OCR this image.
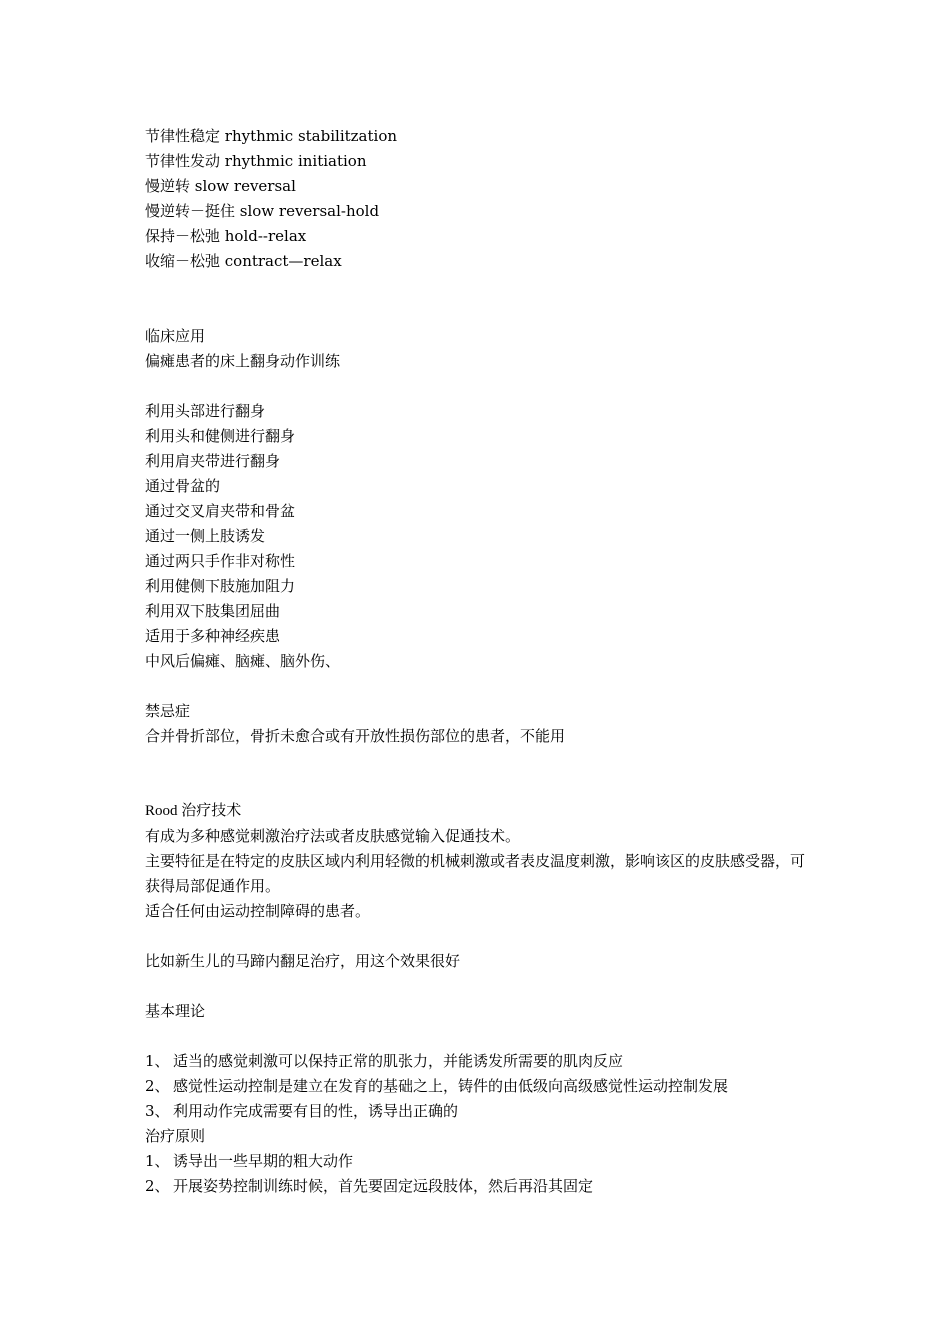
节律性稳定 rhythmic stabilitzation
节律性发动 rhythmic initiation
慢逆转 slow reversal
慢逆转－挺住 slow reversal-hold
保持－松弛 hold--relax
收缩－松弛 contract—relax
临床应用
偏瘫患者的床上翻身动作训练
利用头部进行翻身
利用头和健侧进行翻身
利用肩夹带进行翻身
通过骨盆的
通过交叉肩夹带和骨盆
通过一侧上肢诱发
通过两只手作非对称性
利用健侧下肢施加阻力
利用双下肢集团屈曲
适用于多种神经疾患
中风后偏瘫、脑瘫、脑外伤、
禁忌症
合并骨折部位，骨折未愈合或有开放性损伤部位的患者，不能用
Rood 治疗技术
有成为多种感觉刺激治疗法或者皮肤感觉输入促通技术。
主要特征是在特定的皮肤区域内利用轻微的机械刺激或者表皮温度刺激，影响该区的皮肤感受器，可获得局部促通作用。
适合任何由运动控制障碍的患者。
比如新生儿的马蹄内翻足治疗，用这个效果很好
基本理论
1、 适当的感觉刺激可以保持正常的肌张力，并能诱发所需要的肌肉反应
2、 感觉性运动控制是建立在发育的基础之上，铸件的由低级向高级感觉性运动控制发展
3、 利用动作完成需要有目的性，诱导出正确的
治疗原则
1、 诱导出一些早期的粗大动作
2、 开展姿势控制训练时候，首先要固定远段肢体，然后再沿其固定
